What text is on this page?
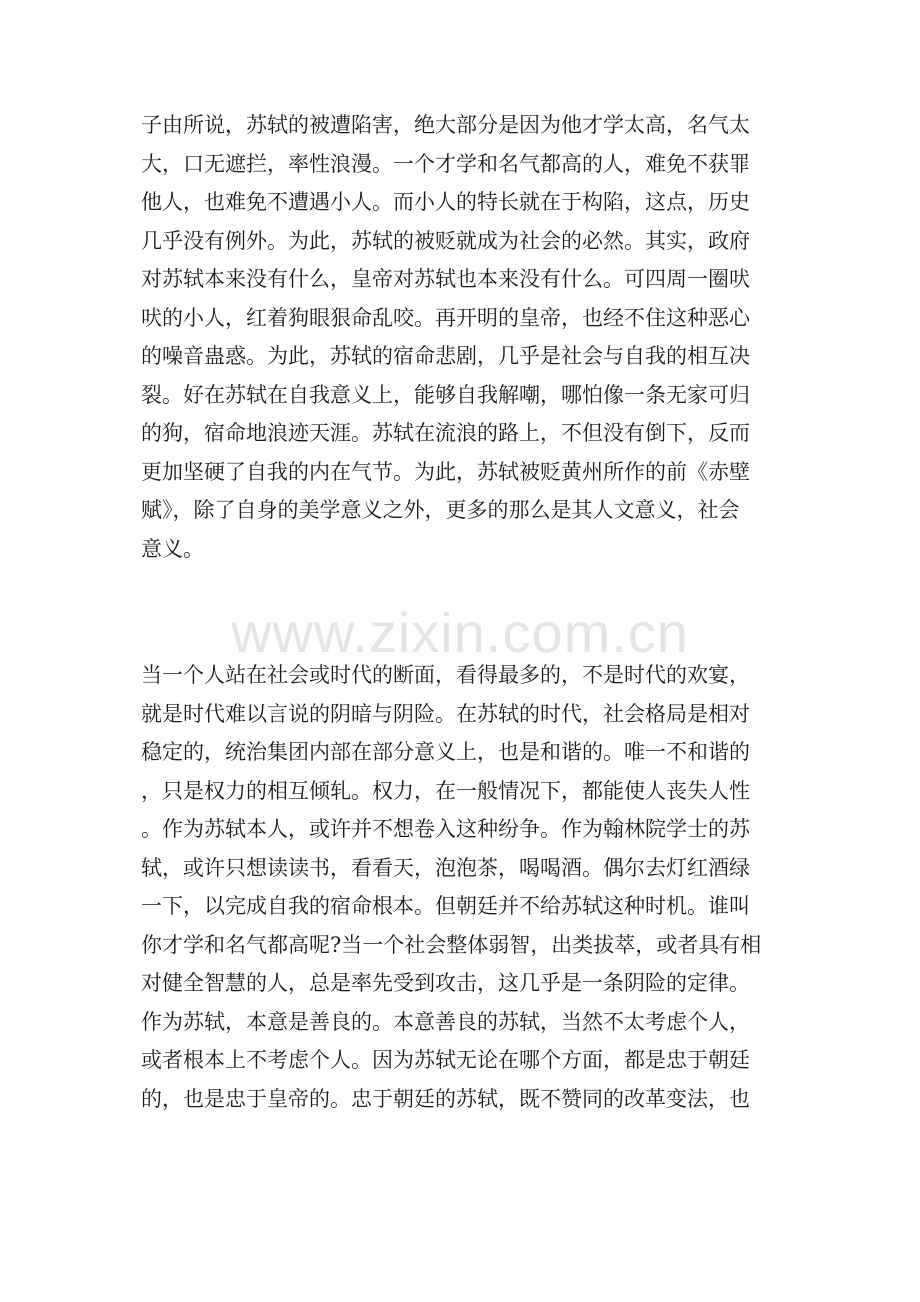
子由所说，苏轼的被遭陷害，绝大部分是因为他才学太高，名气太
大，口无遮拦，率性浪漫。一个才学和名气都高的人，难免不获罪
他人，也难免不遭遇小人。而小人的特长就在于构陷，这点，历史
几乎没有例外。为此，苏轼的被贬就成为社会的必然。其实，政府
对苏轼本来没有什么，皇帝对苏轼也本来没有什么。可四周一圈吠
吠的小人，红着狗眼狠命乱咬。再开明的皇帝，也经不住这种恶心
的噪音蛊惑。为此，苏轼的宿命悲剧，几乎是社会与自我的相互决
裂。好在苏轼在自我意义上，能够自我解嘲，哪怕像一条无家可归
的狗，宿命地浪迹天涯。苏轼在流浪的路上，不但没有倒下，反而
更加坚硬了自我的内在气节。为此，苏轼被贬黄州所作的前《赤壁
赋》，除了自身的美学意义之外，更多的那么是其人文意义，社会
意义。
www.zixin.com.cn
当一个人站在社会或时代的断面，看得最多的，不是时代的欢宴，
就是时代难以言说的阴暗与阴险。在苏轼的时代，社会格局是相对
稳定的，统治集团内部在部分意义上，也是和谐的。唯一不和谐的
，只是权力的相互倾轧。权力，在一般情况下，都能使人丧失人性
。作为苏轼本人，或许并不想卷入这种纷争。作为翰林院学士的苏
轼，或许只想读读书，看看天，泡泡茶，喝喝酒。偶尔去灯红酒绿
一下，以完成自我的宿命根本。但朝廷并不给苏轼这种时机。谁叫
你才学和名气都高呢?当一个社会整体弱智，出类拔萃，或者具有相
对健全智慧的人，总是率先受到攻击，这几乎是一条阴险的定律。
作为苏轼，本意是善良的。本意善良的苏轼，当然不太考虑个人，
或者根本上不考虑个人。因为苏轼无论在哪个方面，都是忠于朝廷
的，也是忠于皇帝的。忠于朝廷的苏轼，既不赞同的改革变法，也
